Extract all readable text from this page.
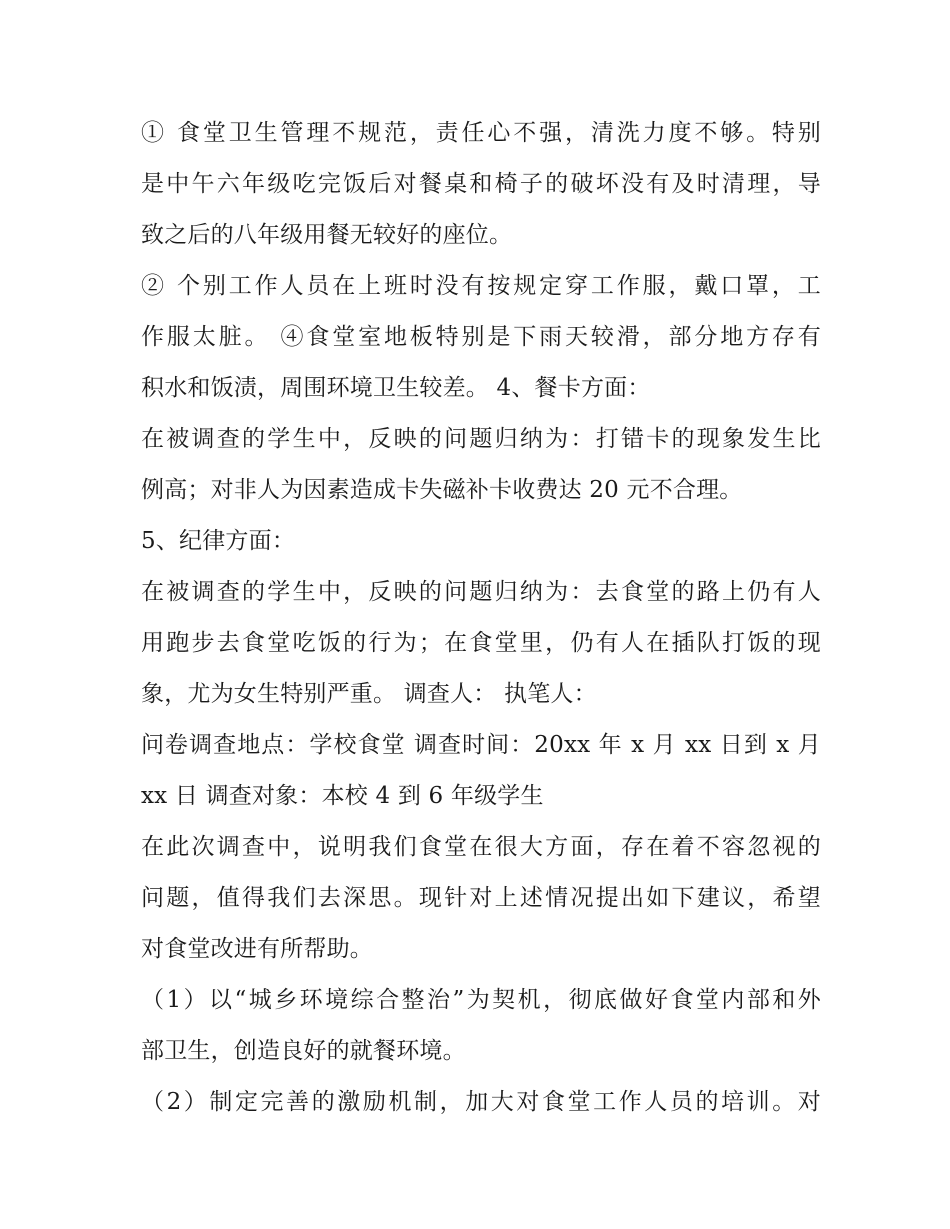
① 食堂卫生管理不规范，责任心不强，清洗力度不够。特别
是中午六年级吃完饭后对餐桌和椅子的破坏没有及时清理，导
致之后的八年级用餐无较好的座位。
② 个别工作人员在上班时没有按规定穿工作服，戴口罩，工
作服太脏。 ④食堂室地板特别是下雨天较滑，部分地方存有
积水和饭渍，周围环境卫生较差。 4、餐卡方面：
在被调查的学生中，反映的问题归纳为：打错卡的现象发生比
例高；对非人为因素造成卡失磁补卡收费达 20 元不合理。
5、纪律方面：
在被调查的学生中，反映的问题归纳为：去食堂的路上仍有人
用跑步去食堂吃饭的行为；在食堂里，仍有人在插队打饭的现
象，尤为女生特别严重。 调查人： 执笔人：
问卷调查地点：学校食堂 调查时间：20xx 年 x 月 xx 日到 x 月
xx 日 调查对象：本校 4 到 6 年级学生
在此次调查中，说明我们食堂在很大方面，存在着不容忽视的
问题，值得我们去深思。现针对上述情况提出如下建议，希望
对食堂改进有所帮助。
（1）以“城乡环境综合整治”为契机，彻底做好食堂内部和外
部卫生，创造良好的就餐环境。
（2）制定完善的激励机制，加大对食堂工作人员的培训。对
